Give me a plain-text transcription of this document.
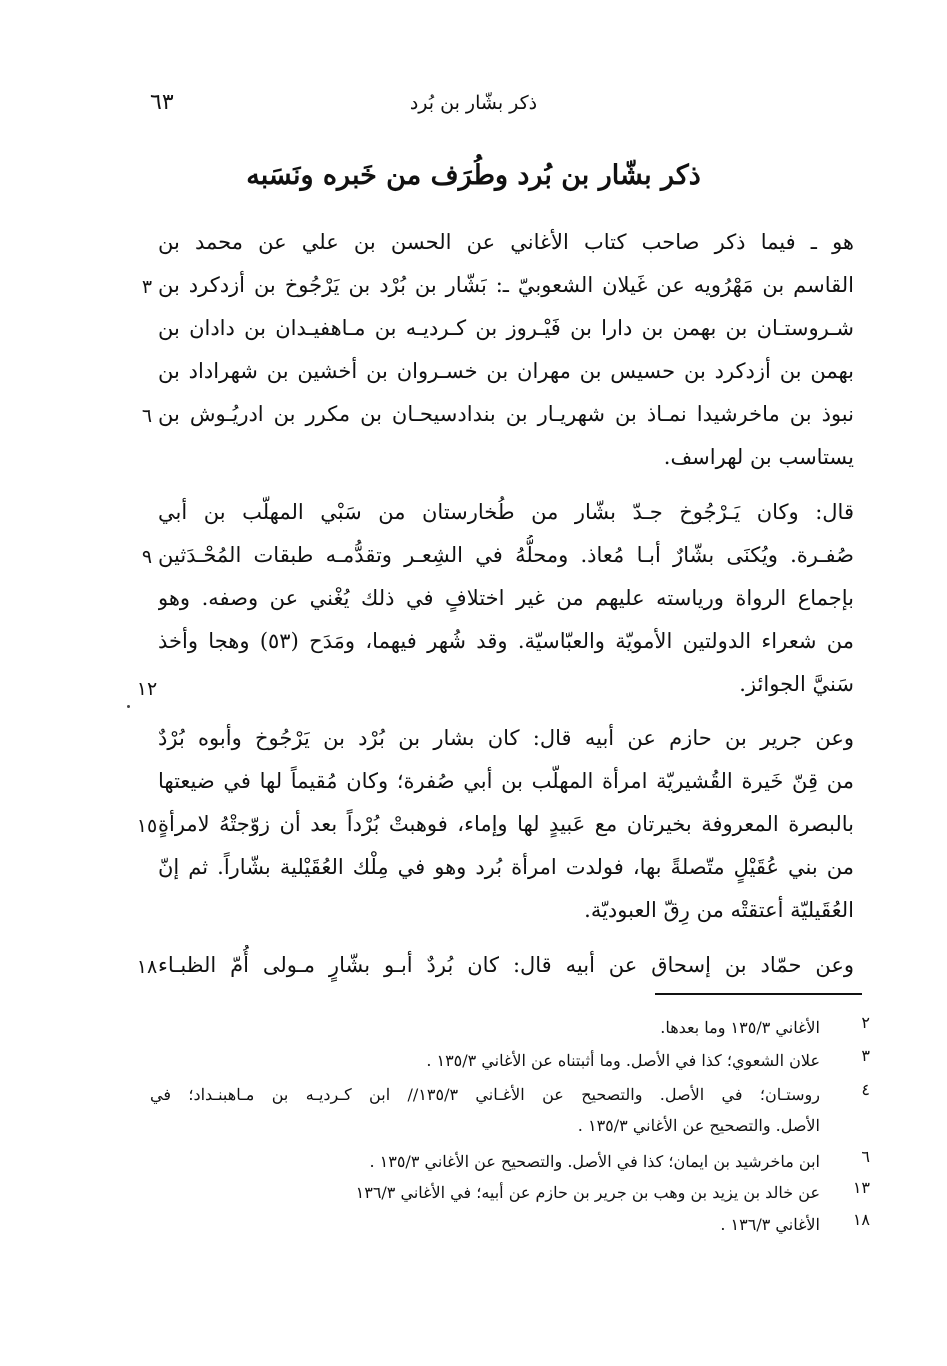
ذكر بشّار بن بُرد
٦٣
ذكر بشّار بن بُرد وطُرَف من خَبره ونَسَبه
هو ـ فيما ذكر صاحب كتاب الأغاني عن الحسن بن علي عن محمد بن
القاسم بن مَهْرُويه عن غَيلان الشعوبيّ ـ: بَشّار بن بُرْد بن يَرْجُوخ بن أزدكرد بن
شـروستـان بن بهمن بن دارا بن فَيْـروز بن كـرديـه بن مـاهفيـدان بن دادان بن
بهمن بن أزدكرد بن حسيس بن مهران بن خسـروان بن أخشين بن شهراداد بن
نبوذ بن ماخرشيدا نمـاذ بن شهريـار بن بندادسيحـان بن مكرر بن ادريُـوش بن
يستاسب بن لهراسف.
قال: وكان يَـرْجُوخ جـدّ بشّار من طُخارستان من سَبْي المهلّب بن أبي
صُفـرة. ويُكنَى بشّارٌ أبـا مُعاذ. ومحلُّهُ في الشِعـر وتقدُّمـه طبقات المُحْـدَثين
بإجماع الرواة ورياسته عليهم من غير اختلافٍ في ذلك يُغْني عن وصفه. وهو
من شعراء الدولتين الأمويّة والعبّاسيّة. وقد شُهر فيهما، ومَدَح (٥٣) وهجا وأخذ
سَنيَّ الجوائز.
وعن جرير بن حازم عن أبيه قال: كان بشار بن بُرْد بن يَرْجُوخ وأبوه بُرْدٌ
من قِنّ خَيرة القُشيريّة امرأة المهلّب بن أبي صُفرة؛ وكان مُقيماً لها في ضيعتها
بالبصرة المعروفة بخيرتان مع عَبيدٍ لها وإماء، فوهبتْ بُرْداً بعد أن زوّجتْهُ لامرأةٍ
من بني عُقَيْلٍ متّصلةً بها، فولدت امرأة بُرد وهو في مِلْك العُقَيْلية بشّاراً. ثم إنّ
العُقَيليّة أعتقتْه من رِقّ العبوديّة.
وعن حمّاد بن إسحاق عن أبيه قال: كان بُردٌ أبـو بشّارٍ مـولى أُمّ الظبـاء
٣
٦
٩
١٢
١٥
١٨
٢
الأغاني ١٣٥/٣ وما بعدها.
٣
علان الشعوي؛ كذا في الأصل. وما أثبتناه عن الأغاني ١٣٥/٣ .
٤
روستـان؛ في الأصل. والتصحيح عن الأغـاني ١٣٥/٣// ابن كـرديـه بن مـاهبنـداد؛ في
الأصل. والتصحيح عن الأغاني ١٣٥/٣ .
٦
ابن ماخرشيد بن ايمان؛ كذا في الأصل. والتصحيح عن الأغاني ١٣٥/٣ .
١٣
عن خالد بن يزيد بن وهب بن جرير بن حازم عن أبيه؛ في الأغاني ١٣٦/٣
١٨
الأغاني ١٣٦/٣ .
